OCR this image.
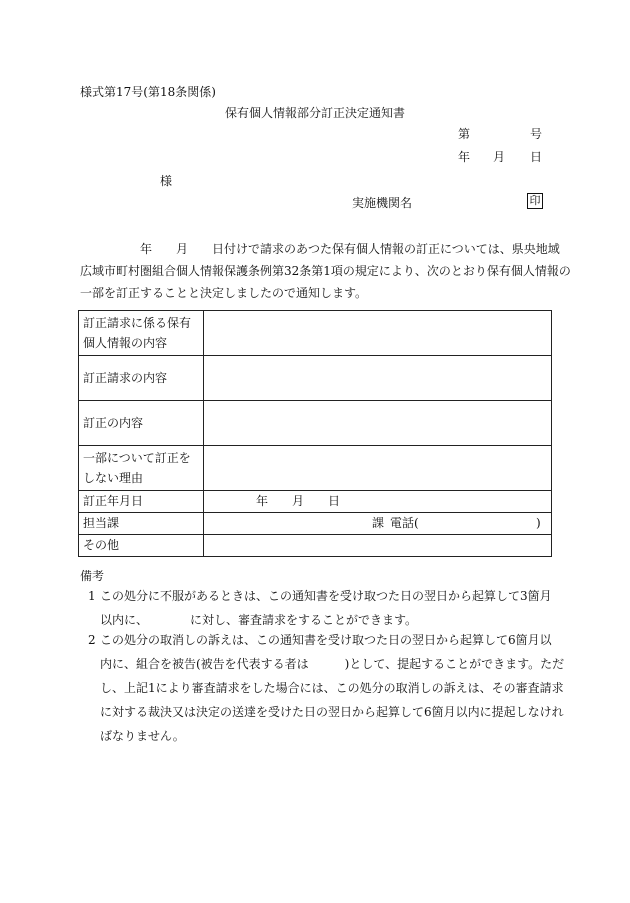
様式第17号(第18条関係)
保有個人情報部分訂正決定通知書
第	号
年 月 日
様
実施機関名	印

　　　　　年　　月　　日付けで請求のあつた保有個人情報の訂正については、県央地域

広域市町村圏組合個人情報保護条例第32条第1項の規定により、次のとおり保有個人情報の

一部を訂正することと決定しましたので通知します。

訂正請求に係る保有個人情報の内容	
訂正請求の内容	
訂正の内容	
一部について訂正をしない理由	
訂正年月日	年 月 日

担当課	課 電話( )

その他	
備考
1 この処分に不服があるときは、この通知書を受け取つた日の翌日から起算して3箇月

以内に、　　　　に対し、審査請求をすることができます。

2 この処分の取消しの訴えは、この通知書を受け取つた日の翌日から起算して6箇月以

内に、組合を被告(被告を代表する者は　　　)として、提起することができます。ただ

し、上記1により審査請求をした場合には、この処分の取消しの訴えは、その審査請求

に対する裁決又は決定の送達を受けた日の翌日から起算して6箇月以内に提起しなけれ

ばなりません。
